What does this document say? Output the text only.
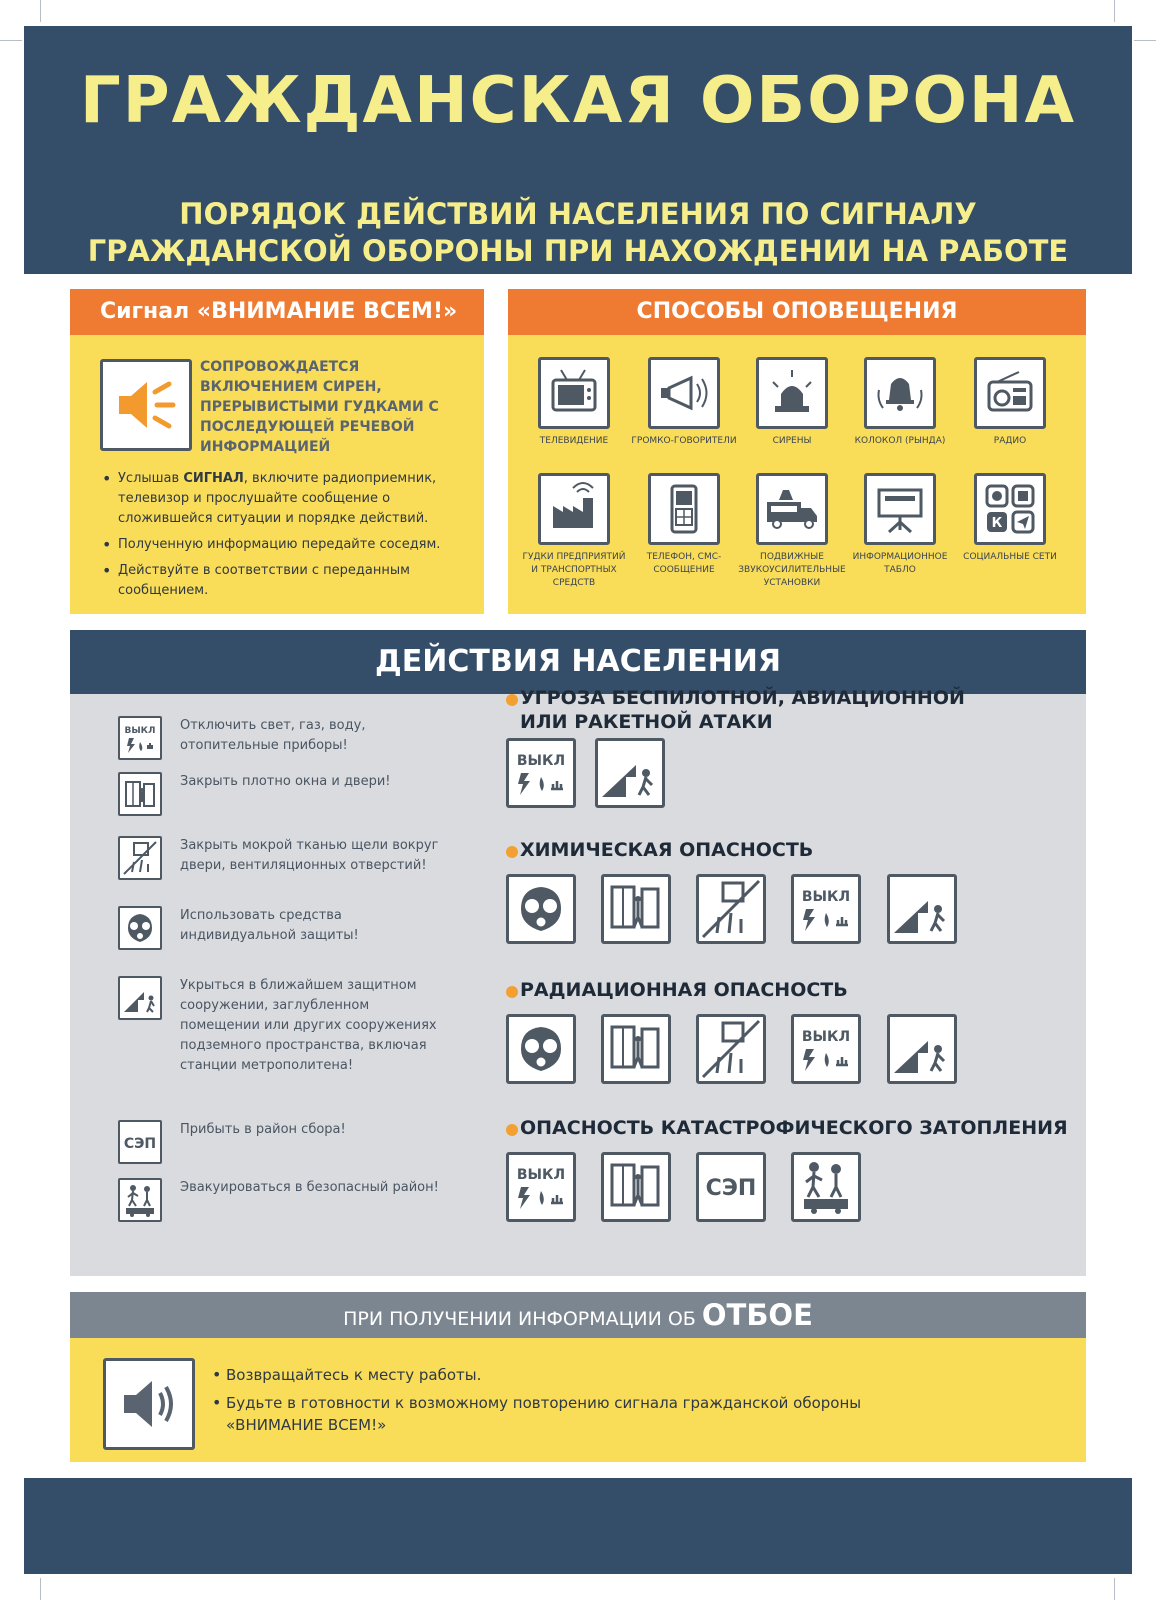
ГРАЖДАНСКАЯ ОБОРОНА
ПОРЯДОК ДЕЙСТВИЙ НАСЕЛЕНИЯ ПО СИГНАЛУ
ГРАЖДАНСКОЙ ОБОРОНЫ ПРИ НАХОЖДЕНИИ НА РАБОТЕ
Сигнал «ВНИМАНИЕ ВСЕМ!»
СОПРОВОЖДАЕТСЯ ВКЛЮЧЕНИЕМ СИРЕН, ПРЕРЫВИСТЫМИ ГУДКАМИ С ПОСЛЕДУЮЩЕЙ РЕЧЕВОЙ ИНФОРМАЦИЕЙ
• Услышав СИГНАЛ, включите радиоприемник, телевизор и прослушайте сообщение о сложившейся ситуации и порядке действий.
• Полученную информацию передайте соседям.
• Действуйте в соответствии с переданным сообщением.
СПОСОБЫ ОПОВЕЩЕНИЯ
ТЕЛЕВИДЕНИЕ	ГРОМКО-ГОВОРИТЕЛИ	СИРЕНЫ	КОЛОКОЛ (РЫНДА)	РАДИО
ГУДКИ ПРЕДПРИЯТИЙ И ТРАНСПОРТНЫХ СРЕДСТВ
ТЕЛЕФОН, СМС-СООБЩЕНИЕ
ПОДВИЖНЫЕ ЗВУКОУСИЛИТЕЛЬНЫЕ УСТАНОВКИ
ИНФОРМАЦИОННОЕ ТАБЛО
К
СОЦИАЛЬНЫЕ СЕТИ
ДЕЙСТВИЯ НАСЕЛЕНИЯ
ВЫКЛ Отключить свет, газ, воду, отопительные приборы!
Закрыть плотно окна и двери!
Закрыть мокрой тканью щели вокруг двери, вентиляционных отверстий!
Использовать средства индивидуальной защиты!
Укрыться в ближайшем защитном сооружении, заглубленном помещении или других сооружениях подземного пространства, включая станции метрополитена!
СЭП
Прибыть в район сбора!
Эвакуироваться в безопасный район!
УГРОЗА БЕСПИЛОТНОЙ, АВИАЦИОННОЙ
ИЛИ РАКЕТНОЙ АТАКИ
ВЫКЛ
ХИМИЧЕСКАЯ ОПАСНОСТЬ
ВЫКЛ
РАДИАЦИОННАЯ ОПАСНОСТЬ
ВЫКЛ
ОПАСНОСТЬ КАТАСТРОФИЧЕСКОГО ЗАТОПЛЕНИЯ
ВЫКЛ
СЭП
ПРИ ПОЛУЧЕНИИ ИНФОРМАЦИИ ОБ ОТБОЕ
• Возвращайтесь к месту работы.
• Будьте в готовности к возможному повторению сигнала гражданской обороны «ВНИМАНИЕ ВСЕМ!»
